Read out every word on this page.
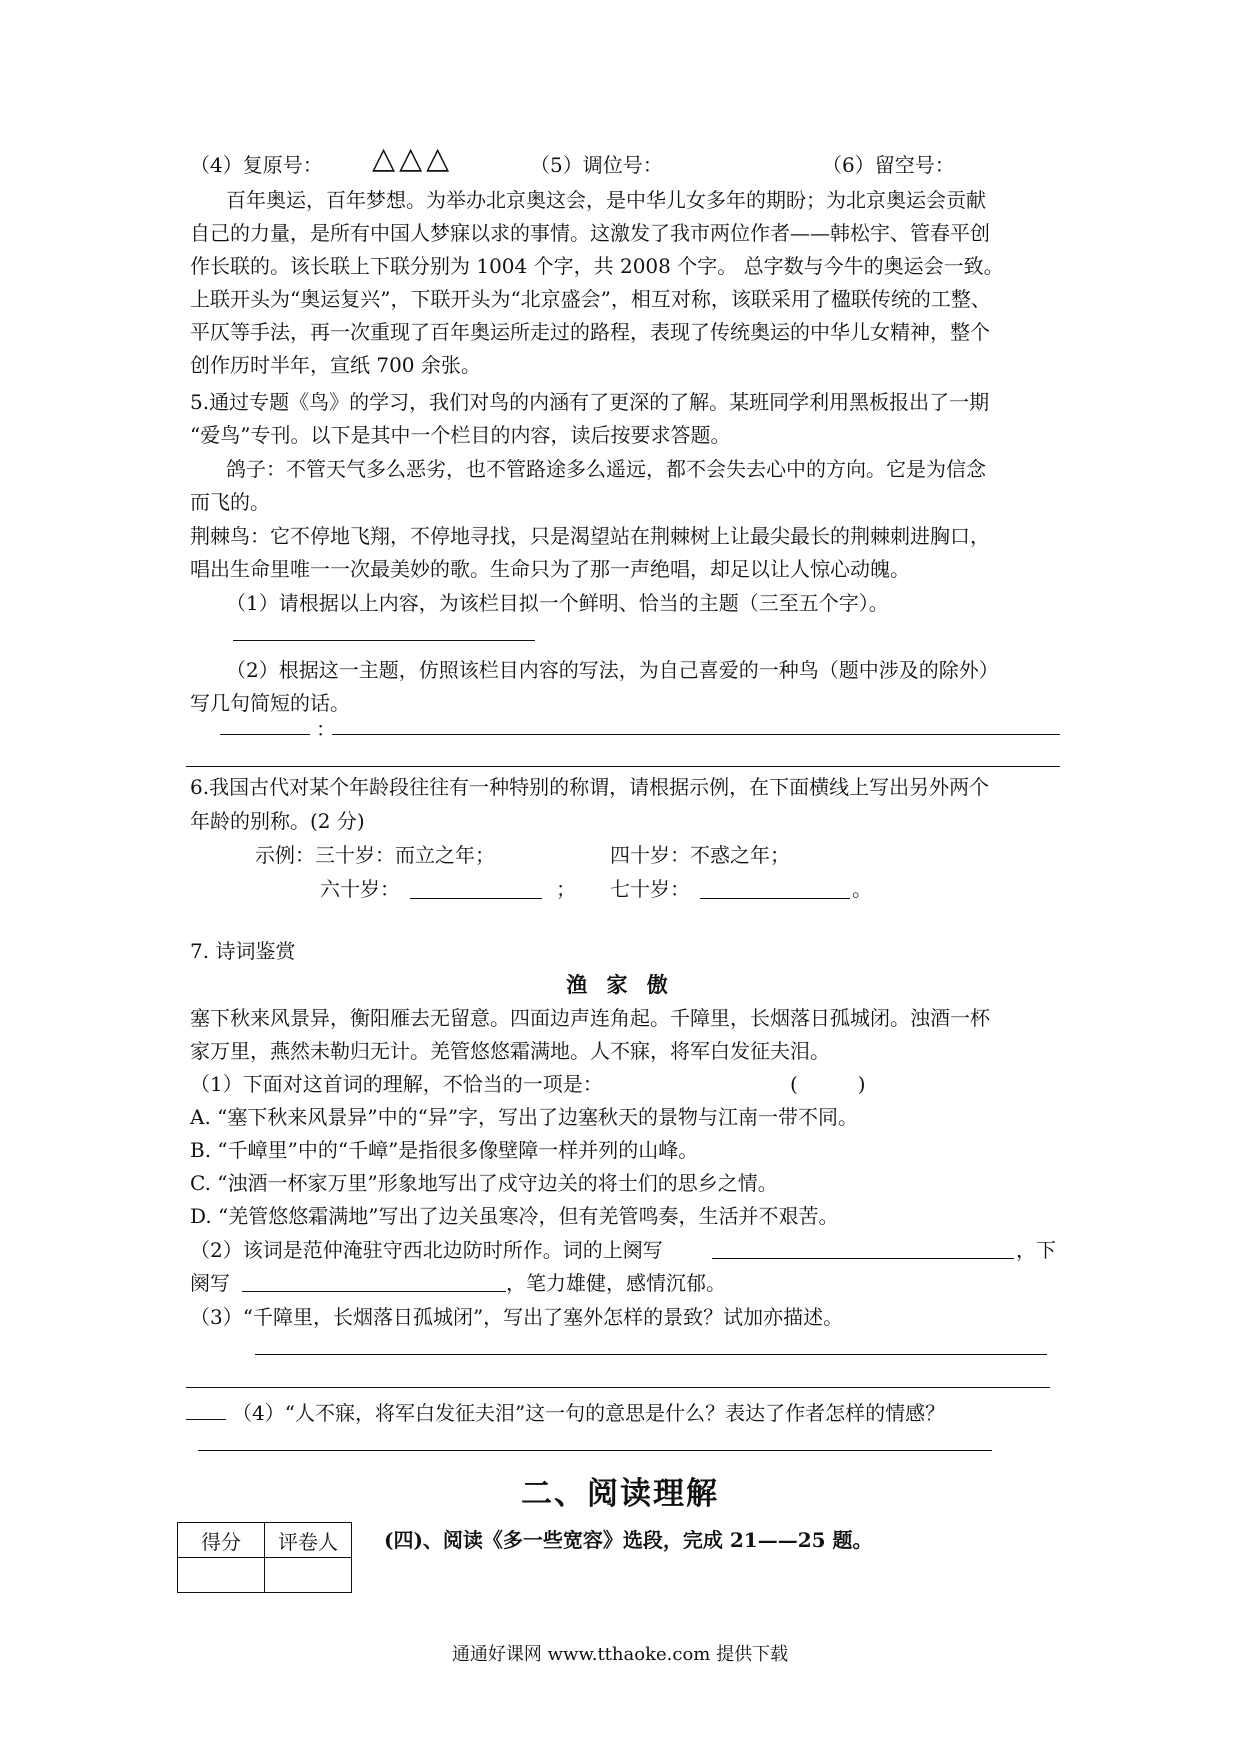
（4）复原号： △△△	（5）调位号：	（6）留空号：
百年奥运，百年梦想。为举办北京奥这会，是中华儿女多年的期盼；为北京奥运会贡献
自己的力量，是所有中国人梦寐以求的事情。这激发了我市两位作者——韩松宇、管春平创
作长联的。该长联上下联分别为 1004 个字，共 2008 个字。 总字数与今牛的奥运会一致。
上联开头为“奥运复兴”，下联开头为“北京盛会”，相互对称，该联采用了楹联传统的工整、
平仄等手法，再一次重现了百年奥运所走过的路程，表现了传统奥运的中华儿女精神，整个
创作历时半年，宣纸 700 余张。
5.通过专题《鸟》的学习，我们对鸟的内涵有了更深的了解。某班同学利用黑板报出了一期
“爱鸟”专刊。以下是其中一个栏目的内容，读后按要求答题。
鸽子：不管天气多么恶劣，也不管路途多么遥远，都不会失去心中的方向。它是为信念
而飞的。
荆棘鸟：它不停地飞翔，不停地寻找，只是渴望站在荆棘树上让最尖最长的荆棘刺进胸口，
唱出生命里唯一一次最美妙的歌。生命只为了那一声绝唱，却足以让人惊心动魄。
（1）请根据以上内容，为该栏目拟一个鲜明、恰当的主题（三至五个字）。
（2）根据这一主题，仿照该栏目内容的写法，为自己喜爱的一种鸟（题中涉及的除外）
写几句简短的话。
：
6.我国古代对某个年龄段往往有一种特别的称谓，请根据示例，在下面横线上写出另外两个
年龄的别称。(2 分)
示例： 三十岁：而立之年；	四十岁：不惑之年；
六十岁：	； 七十岁：	。
7. 诗词鉴赏
渔 家 傲
塞下秋来风景异，衡阳雁去无留意。四面边声连角起。千障里，长烟落日孤城闭。浊酒一杯
家万里，燕然未勒归无计。羌管悠悠霜满地。人不寐，将军白发征夫泪。
（1）下面对这首词的理解，不恰当的一项是：	(　　　)
A. “塞下秋来风景异”中的“异”字，写出了边塞秋天的景物与江南一带不同。
B. “千嶂里”中的“千嶂”是指很多像壁障一样并列的山峰。
C. “浊酒一杯家万里”形象地写出了戍守边关的将士们的思乡之情。
D. “羌管悠悠霜满地”写出了边关虽寒冷，但有羌管鸣奏，生活并不艰苦。
（2）该词是范仲淹驻守西北边防时所作。词的上阕写	，下
阕写	，笔力雄健，感情沉郁。
（3）“千障里，长烟落日孤城闭”，写出了塞外怎样的景致？试加亦描述。
（4）“人不寐，将军白发征夫泪”这一句的意思是什么？表达了作者怎样的情感？
二、阅读理解
得分	评卷人
	(四)、阅读《多一些宽容》选段，完成 21——25 题。
通通好课网 www.tthaoke.com 提供下载
